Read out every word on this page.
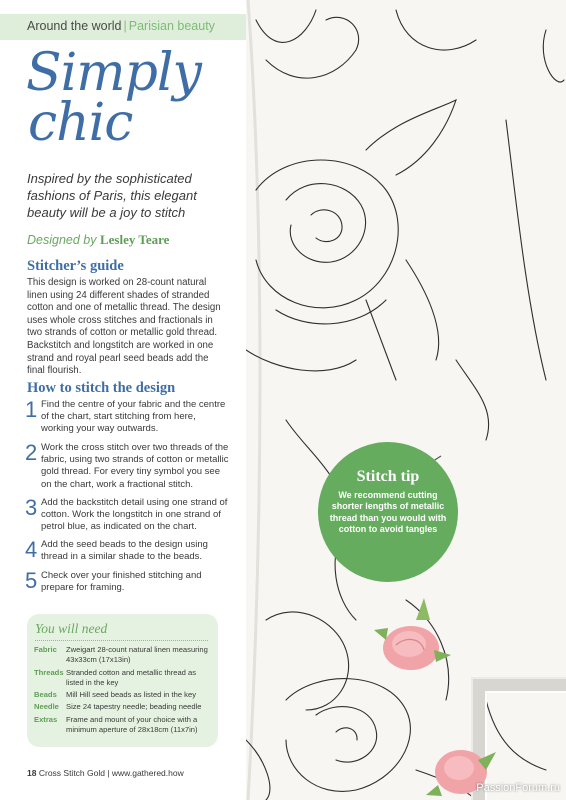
Around the world | Parisian beauty
Simply
chic
Inspired by the sophisticated fashions of Paris, this elegant beauty will be a joy to stitch
Designed by Lesley Teare
Stitcher’s guide
This design is worked on 28-count natural linen using 24 different shades of stranded cotton and one of metallic thread. The design uses whole cross stitches and fractionals in two strands of cotton or metallic gold thread. Backstitch and longstitch are worked in one strand and royal pearl seed beads add the final flourish.
How to stitch the design
1 Find the centre of your fabric and the centre of the chart, start stitching from here, working your way outwards.
2 Work the cross stitch over two threads of the fabric, using two strands of cotton or metallic gold thread. For every tiny symbol you see on the chart, work a fractional stitch.
3 Add the backstitch detail using one strand of cotton. Work the longstitch in one strand of petrol blue, as indicated on the chart.
4 Add the seed beads to the design using thread in a similar shade to the beads.
5 Check over your finished stitching and prepare for framing.
You will need
Fabric	Zweigart 28-count natural linen measuring 43x33cm (17x13in)
Threads Stranded cotton and metallic thread as listed in the key
Beads	Mill Hill seed beads as listed in the key
Needle Size 24 tapestry needle; beading needle
Extras	Frame and mount of your choice with a minimum aperture of 28x18cm (11x7in)
18 Cross Stitch Gold | www.gathered.how
Stitch tip
We recommend cutting shorter lengths of metallic thread than you would with cotton to avoid tangles
PassionForum.ru
